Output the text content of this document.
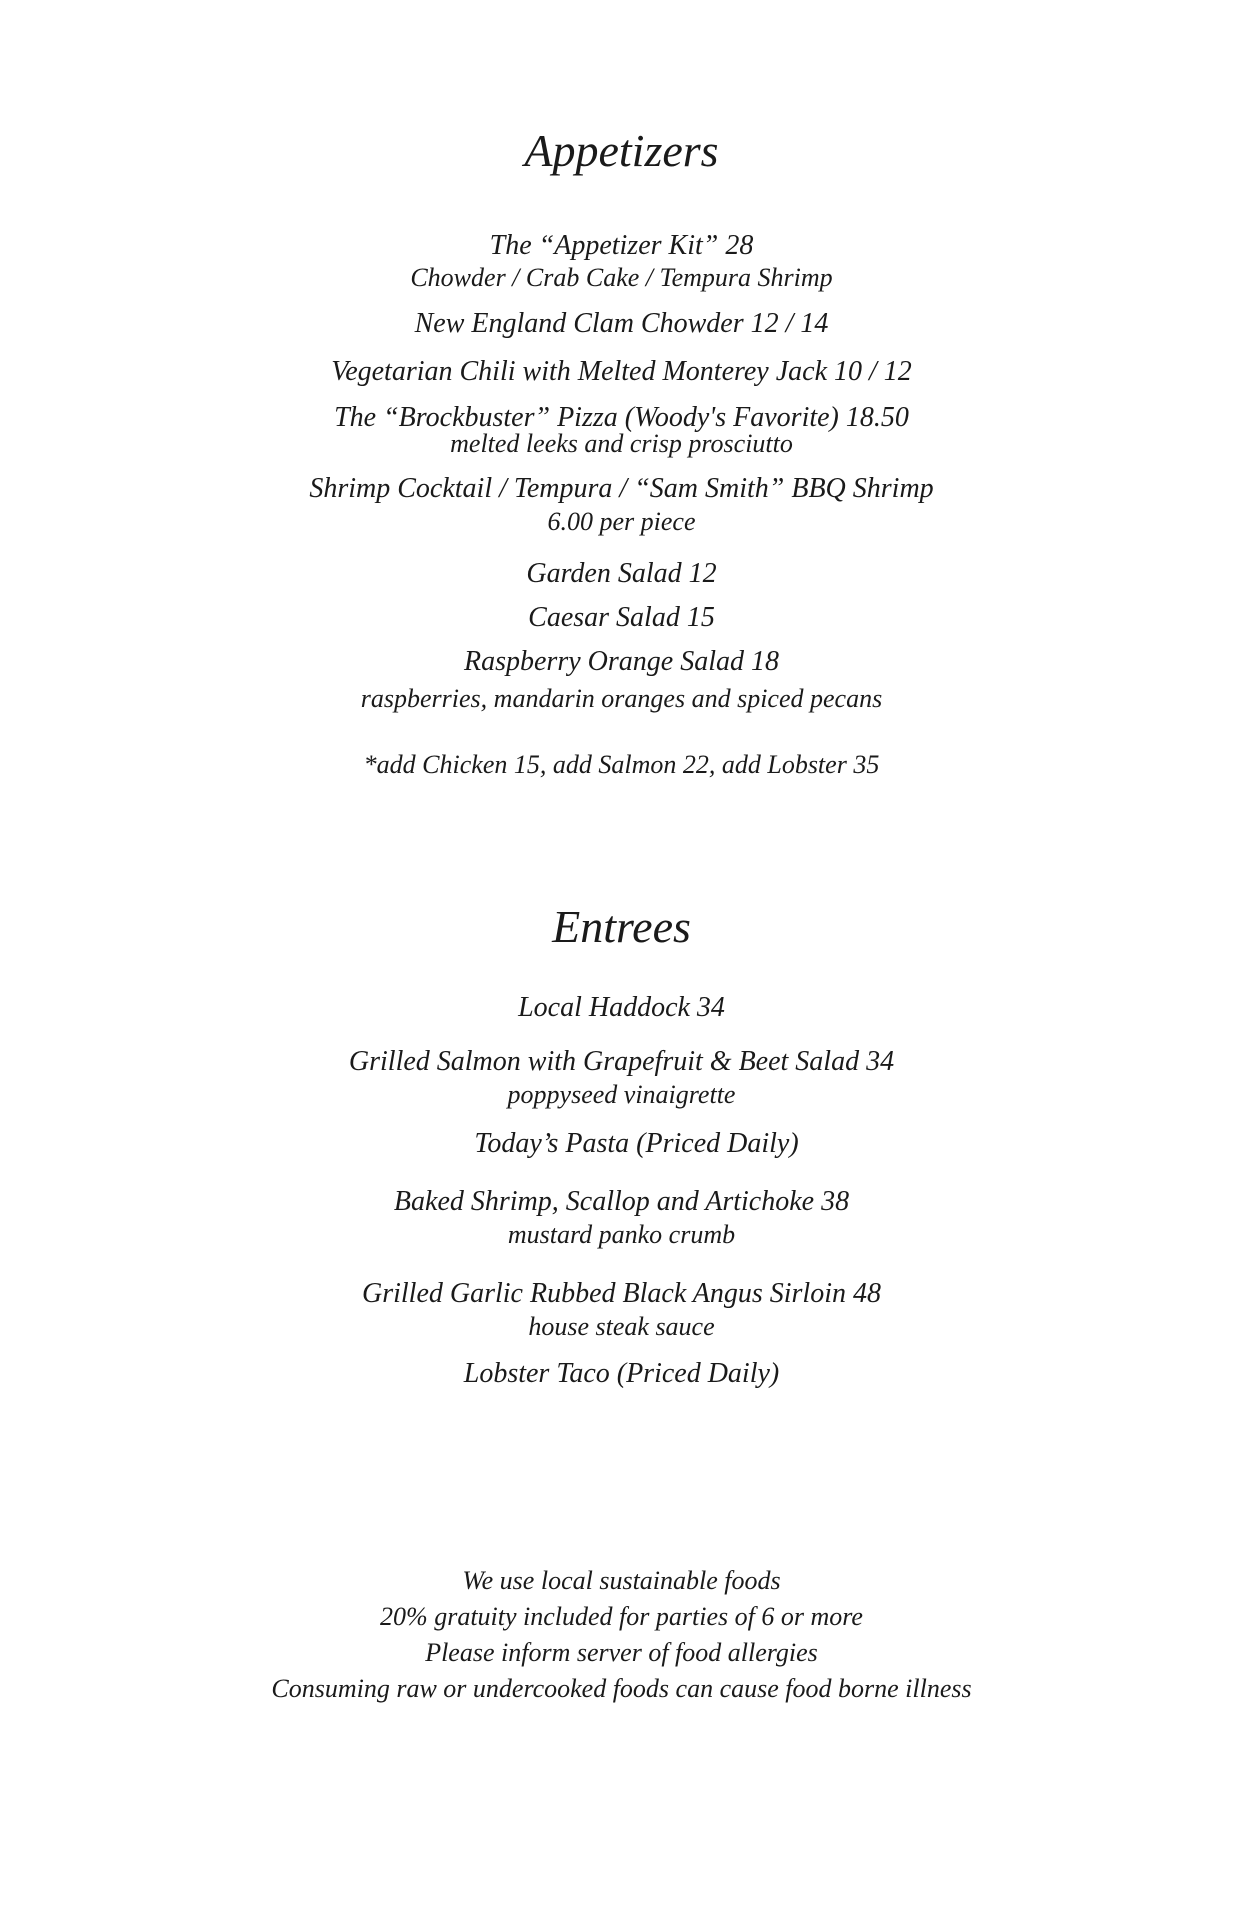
Appetizers
The “Appetizer Kit” 28
Chowder / Crab Cake / Tempura Shrimp
New England Clam Chowder 12 / 14
Vegetarian Chili with Melted Monterey Jack 10 / 12
The “Brockbuster” Pizza (Woody's Favorite) 18.50
melted leeks and crisp prosciutto
Shrimp Cocktail / Tempura / “Sam Smith” BBQ Shrimp
6.00 per piece
Garden Salad 12
Caesar Salad 15
Raspberry Orange Salad 18
raspberries, mandarin oranges and spiced pecans
*add Chicken 15, add Salmon 22, add Lobster 35
Entrees
Local Haddock 34
Grilled Salmon with Grapefruit & Beet Salad 34
poppyseed vinaigrette
Today’s Pasta (Priced Daily)
Baked Shrimp, Scallop and Artichoke 38
mustard panko crumb
Grilled Garlic Rubbed Black Angus Sirloin 48
house steak sauce
Lobster Taco (Priced Daily)
We use local sustainable foods
20% gratuity included for parties of 6 or more
Please inform server of food allergies
Consuming raw or undercooked foods can cause food borne illness
